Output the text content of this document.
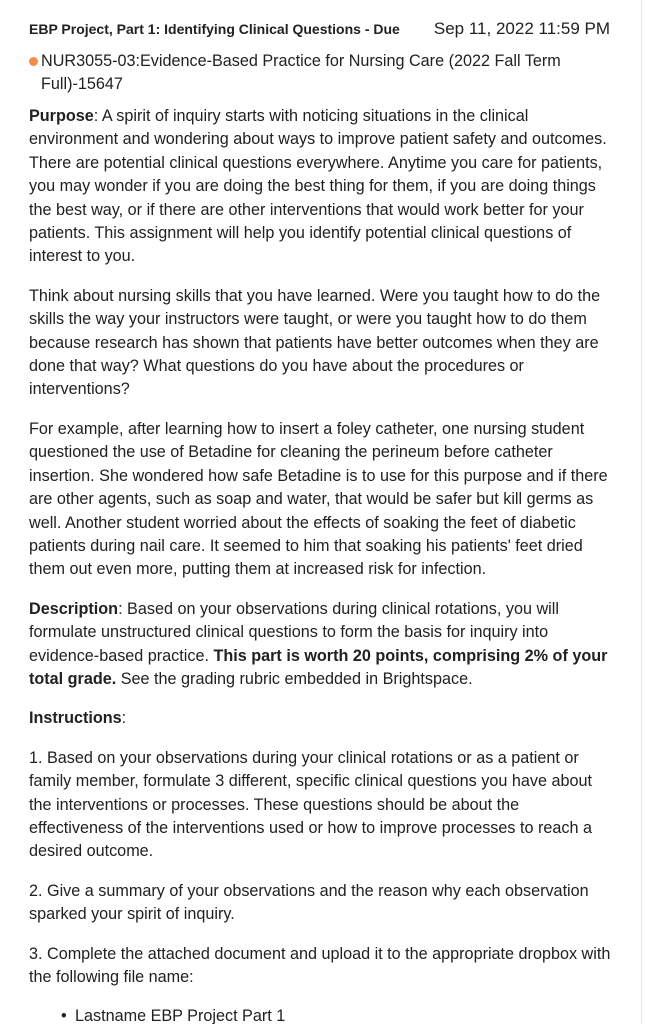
EBP Project, Part 1: Identifying Clinical Questions - Due Sep 11, 2022 11:59 PM
NUR3055-03:Evidence-Based Practice for Nursing Care (2022 Fall Term Full)-15647

Purpose: A spirit of inquiry starts with noticing situations in the clinical environment and wondering about ways to improve patient safety and outcomes. There are potential clinical questions everywhere. Anytime you care for patients, you may wonder if you are doing the best thing for them, if you are doing things the best way, or if there are other interventions that would work better for your patients. This assignment will help you identify potential clinical questions of interest to you.

Think about nursing skills that you have learned. Were you taught how to do the skills the way your instructors were taught, or were you taught how to do them because research has shown that patients have better outcomes when they are done that way? What questions do you have about the procedures or interventions?

For example, after learning how to insert a foley catheter, one nursing student questioned the use of Betadine for cleaning the perineum before catheter insertion. She wondered how safe Betadine is to use for this purpose and if there are other agents, such as soap and water, that would be safer but kill germs as well. Another student worried about the effects of soaking the feet of diabetic patients during nail care. It seemed to him that soaking his patients' feet dried them out even more, putting them at increased risk for infection.

Description: Based on your observations during clinical rotations, you will formulate unstructured clinical questions to form the basis for inquiry into evidence-based practice. This part is worth 20 points, comprising 2% of your total grade. See the grading rubric embedded in Brightspace.

Instructions:

1. Based on your observations during your clinical rotations or as a patient or family member, formulate 3 different, specific clinical questions you have about the interventions or processes. These questions should be about the effectiveness of the interventions used or how to improve processes to reach a desired outcome.

2. Give a summary of your observations and the reason why each observation sparked your spirit of inquiry.

3. Complete the attached document and upload it to the appropriate dropbox with the following file name:

• Lastname EBP Project Part 1
